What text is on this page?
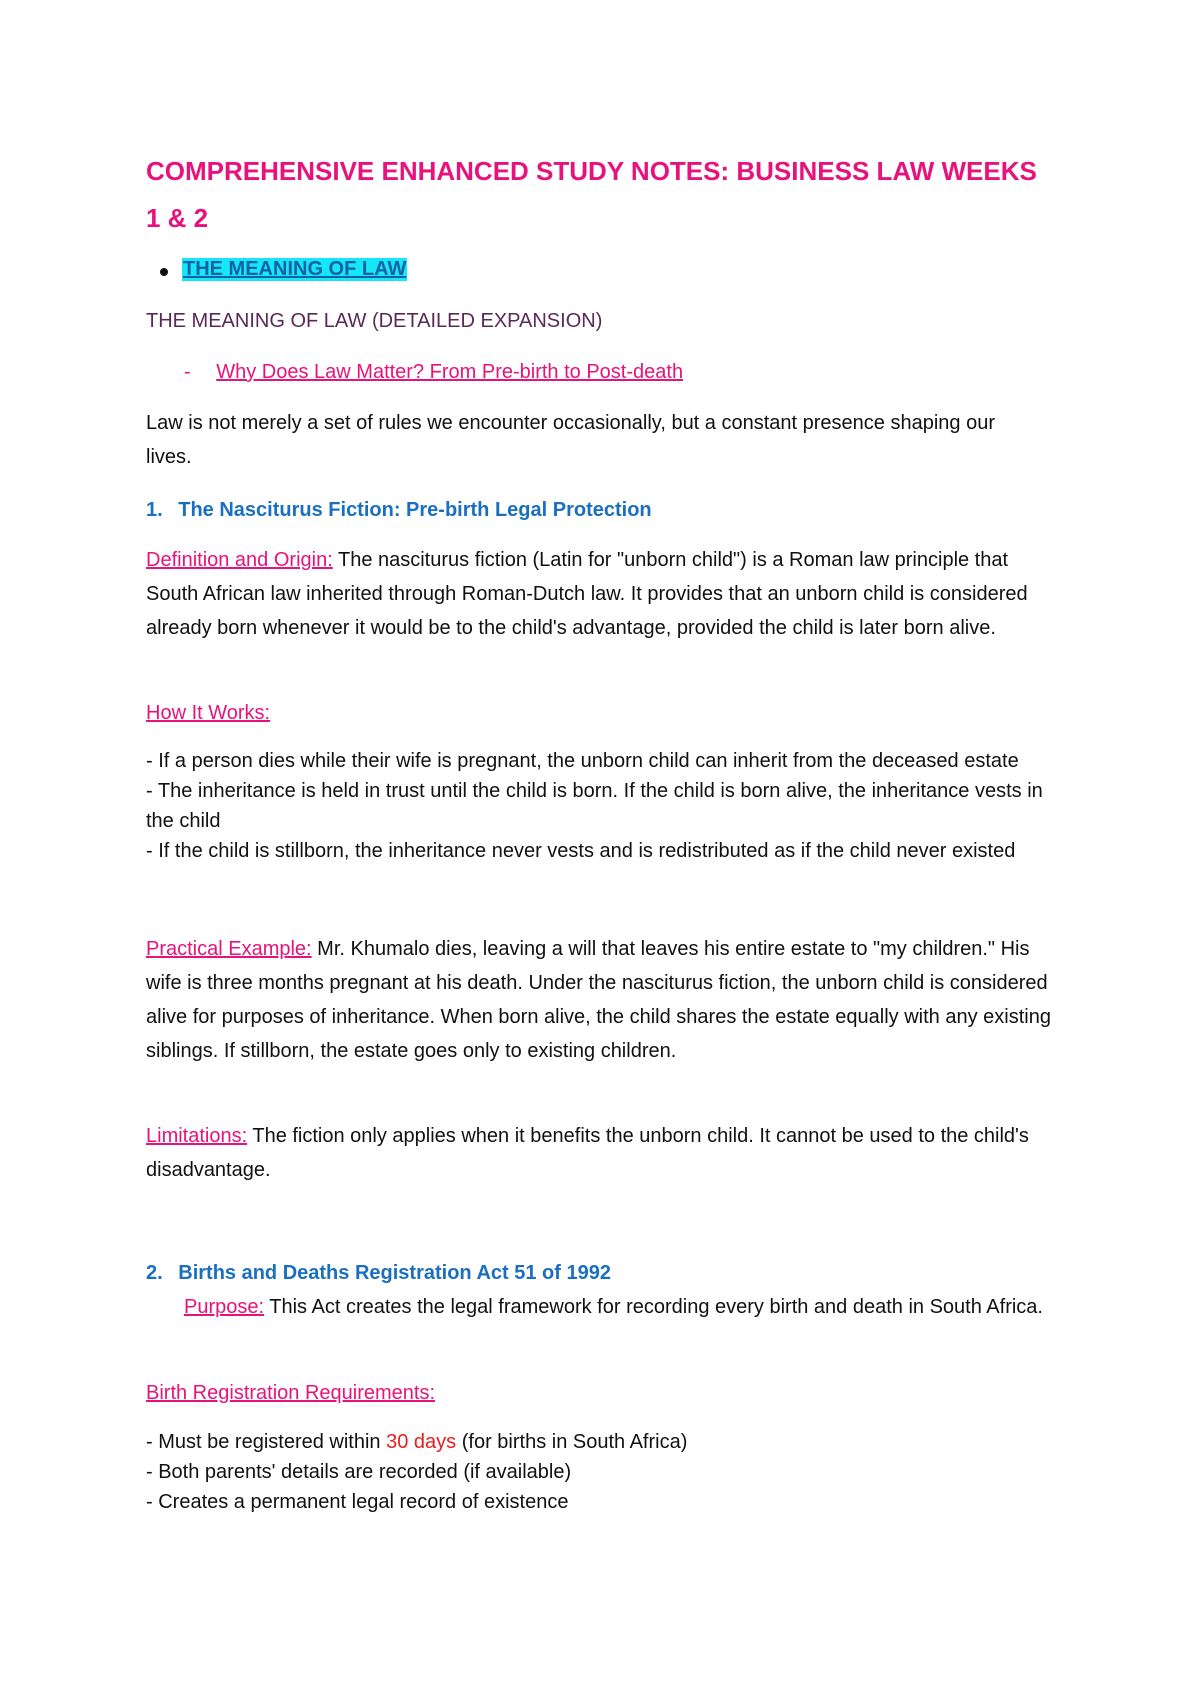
COMPREHENSIVE ENHANCED STUDY NOTES: BUSINESS LAW WEEKS 1 & 2
THE MEANING OF LAW

THE MEANING OF LAW (DETAILED EXPANSION)

- Why Does Law Matter? From Pre-birth to Post-death

Law is not merely a set of rules we encounter occasionally, but a constant presence shaping our lives.

1. The Nasciturus Fiction: Pre-birth Legal Protection

Definition and Origin: The nasciturus fiction (Latin for "unborn child") is a Roman law principle that South African law inherited through Roman-Dutch law. It provides that an unborn child is considered already born whenever it would be to the child's advantage, provided the child is later born alive.

How It Works:

- If a person dies while their wife is pregnant, the unborn child can inherit from the deceased estate
- The inheritance is held in trust until the child is born. If the child is born alive, the inheritance vests in the child
- If the child is stillborn, the inheritance never vests and is redistributed as if the child never existed

Practical Example: Mr. Khumalo dies, leaving a will that leaves his entire estate to "my children." His wife is three months pregnant at his death. Under the nasciturus fiction, the unborn child is considered alive for purposes of inheritance. When born alive, the child shares the estate equally with any existing siblings. If stillborn, the estate goes only to existing children.

Limitations: The fiction only applies when it benefits the unborn child. It cannot be used to the child's disadvantage.

2. Births and Deaths Registration Act 51 of 1992

Purpose: This Act creates the legal framework for recording every birth and death in South Africa.

Birth Registration Requirements:

- Must be registered within 30 days (for births in South Africa)
- Both parents' details are recorded (if available)
- Creates a permanent legal record of existence
